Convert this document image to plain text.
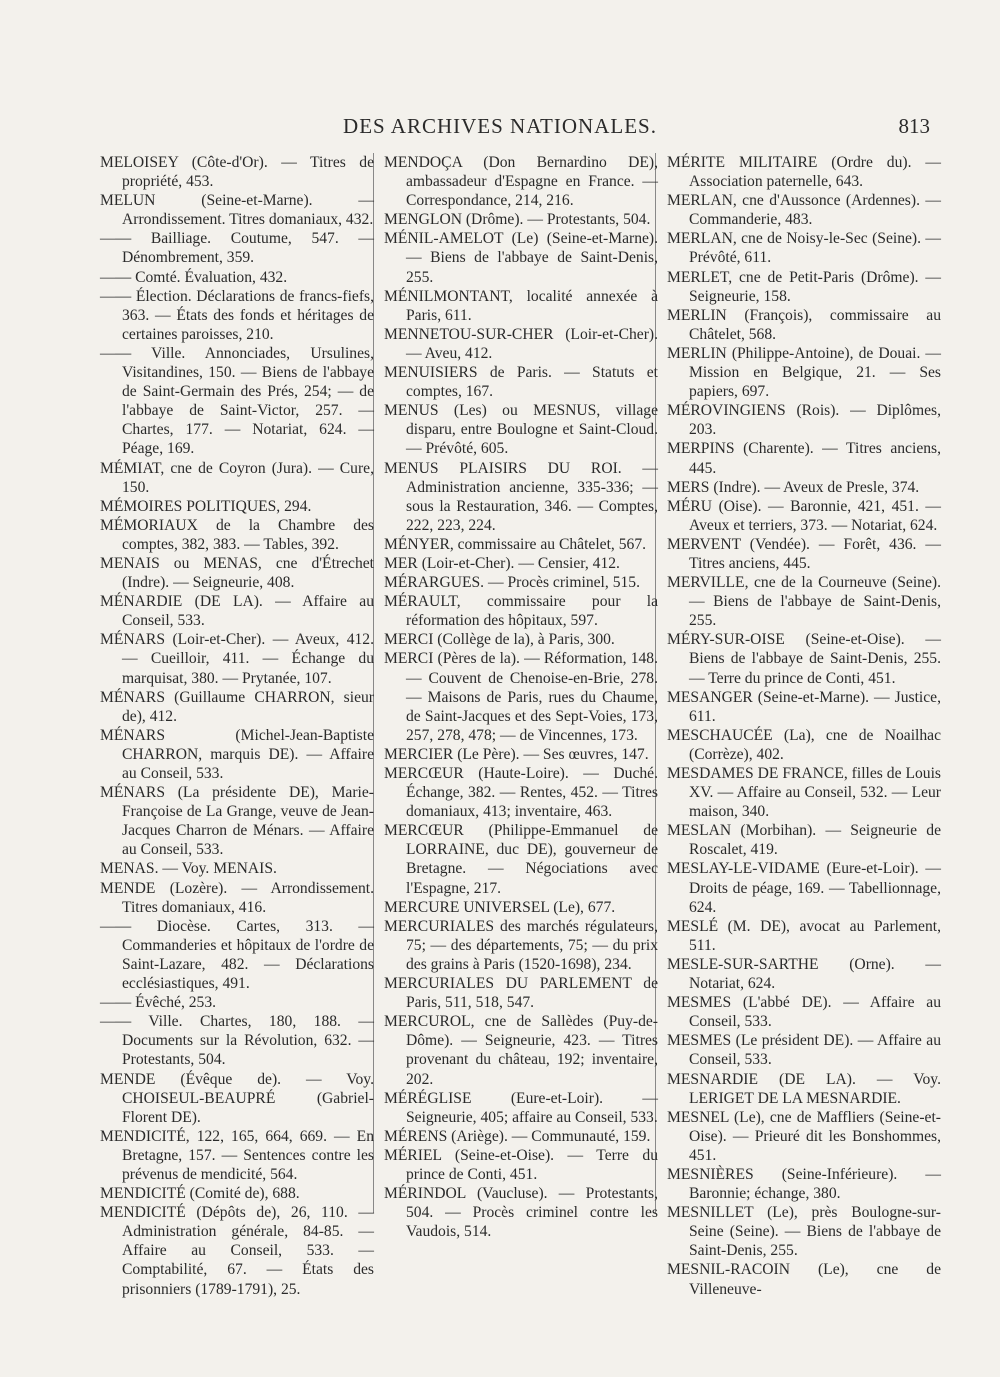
DES ARCHIVES NATIONALES.	813
MELOISEY (Côte-d'Or). — Titres de propriété, 453.
MELUN (Seine-et-Marne). — Arrondissement. Titres domaniaux, 432.
—— Bailliage. Coutume, 547. — Dénombrement, 359.
—— Comté. Évaluation, 432.
—— Élection. Déclarations de francs-fiefs, 363. — États des fonds et héritages de certaines paroisses, 210.
—— Ville. Annonciades, Ursulines, Visitandines, 150. — Biens de l'abbaye de Saint-Germain des Prés, 254; — de l'abbaye de Saint-Victor, 257. — Chartes, 177. — Notariat, 624. — Péage, 169.
MÉMIAT, cne de Coyron (Jura). — Cure, 150.
MÉMOIRES POLITIQUES, 294.
MÉMORIAUX de la Chambre des comptes, 382, 383. — Tables, 392.
MENAIS ou MENAS, cne d'Étrechet (Indre). — Seigneurie, 408.
MÉNARDIE (DE LA). — Affaire au Conseil, 533.
MÉNARS (Loir-et-Cher). — Aveux, 412. — Cueilloir, 411. — Échange du marquisat, 380. — Prytanée, 107.
MÉNARS (Guillaume CHARRON, sieur de), 412.
MÉNARS (Michel-Jean-Baptiste CHARRON, marquis DE). — Affaire au Conseil, 533.
MÉNARS (La présidente DE), Marie-Françoise de La Grange, veuve de Jean-Jacques Charron de Ménars. — Affaire au Conseil, 533.
MENAS. — Voy. MENAIS.
MENDE (Lozère). — Arrondissement. Titres domaniaux, 416.
—— Diocèse. Cartes, 313. — Commanderies et hôpitaux de l'ordre de Saint-Lazare, 482. — Déclarations ecclésiastiques, 491.
—— Évêché, 253.
—— Ville. Chartes, 180, 188. — Documents sur la Révolution, 632. — Protestants, 504.
MENDE (Évêque de). — Voy. CHOISEUL-BEAUPRÉ (Gabriel-Florent DE).
MENDICITÉ, 122, 165, 664, 669. — En Bretagne, 157. — Sentences contre les prévenus de mendicité, 564.
MENDICITÉ (Comité de), 688.
MENDICITÉ (Dépôts de), 26, 110. — Administration générale, 84-85. — Affaire au Conseil, 533. — Comptabilité, 67. — États des prisonniers (1789-1791), 25.
MENDOÇA (Don Bernardino DE), ambassadeur d'Espagne en France. — Correspondance, 214, 216.
MENGLON (Drôme). — Protestants, 504.
MÉNIL-AMELOT (Le) (Seine-et-Marne). — Biens de l'abbaye de Saint-Denis, 255.
MÉNILMONTANT, localité annexée à Paris, 611.
MENNETOU-SUR-CHER (Loir-et-Cher). — Aveu, 412.
MENUISIERS de Paris. — Statuts et comptes, 167.
MENUS (Les) ou MESNUS, village disparu, entre Boulogne et Saint-Cloud. — Prévôté, 605.
MENUS PLAISIRS DU ROI. — Administration ancienne, 335-336; — sous la Restauration, 346. — Comptes, 222, 223, 224.
MÉNYER, commissaire au Châtelet, 567.
MER (Loir-et-Cher). — Censier, 412.
MÉRARGUES. — Procès criminel, 515.
MÉRAULT, commissaire pour la réformation des hôpitaux, 597.
MERCI (Collège de la), à Paris, 300.
MERCI (Pères de la). — Réformation, 148. — Couvent de Chenoise-en-Brie, 278. — Maisons de Paris, rues du Chaume, de Saint-Jacques et des Sept-Voies, 173, 257, 278, 478; — de Vincennes, 173.
MERCIER (Le Père). — Ses œuvres, 147.
MERCŒUR (Haute-Loire). — Duché. Échange, 382. — Rentes, 452. — Titres domaniaux, 413; inventaire, 463.
MERCŒUR (Philippe-Emmanuel de LORRAINE, duc DE), gouverneur de Bretagne. — Négociations avec l'Espagne, 217.
MERCURE UNIVERSEL (Le), 677.
MERCURIALES des marchés régulateurs, 75; — des départements, 75; — du prix des grains à Paris (1520-1698), 234.
MERCURIALES DU PARLEMENT de Paris, 511, 518, 547.
MERCUROL, cne de Sallèdes (Puy-de-Dôme). — Seigneurie, 423. — Titres provenant du château, 192; inventaire, 202.
MÉRÉGLISE (Eure-et-Loir). — Seigneurie, 405; affaire au Conseil, 533.
MÉRENS (Ariège). — Communauté, 159.
MÉRIEL (Seine-et-Oise). — Terre du prince de Conti, 451.
MÉRINDOL (Vaucluse). — Protestants, 504. — Procès criminel contre les Vaudois, 514.
MÉRITE MILITAIRE (Ordre du). — Association paternelle, 643.
MERLAN, cne d'Aussonce (Ardennes). — Commanderie, 483.
MERLAN, cne de Noisy-le-Sec (Seine). — Prévôté, 611.
MERLET, cne de Petit-Paris (Drôme). — Seigneurie, 158.
MERLIN (François), commissaire au Châtelet, 568.
MERLIN (Philippe-Antoine), de Douai. — Mission en Belgique, 21. — Ses papiers, 697.
MÉROVINGIENS (Rois). — Diplômes, 203.
MERPINS (Charente). — Titres anciens, 445.
MERS (Indre). — Aveux de Presle, 374.
MÉRU (Oise). — Baronnie, 421, 451. — Aveux et terriers, 373. — Notariat, 624.
MERVENT (Vendée). — Forêt, 436. — Titres anciens, 445.
MERVILLE, cne de la Courneuve (Seine). — Biens de l'abbaye de Saint-Denis, 255.
MÉRY-SUR-OISE (Seine-et-Oise). — Biens de l'abbaye de Saint-Denis, 255. — Terre du prince de Conti, 451.
MESANGER (Seine-et-Marne). — Justice, 611.
MESCHAUCÉE (La), cne de Noailhac (Corrèze), 402.
MESDAMES DE FRANCE, filles de Louis XV. — Affaire au Conseil, 532. — Leur maison, 340.
MESLAN (Morbihan). — Seigneurie de Roscalet, 419.
MESLAY-LE-VIDAME (Eure-et-Loir). — Droits de péage, 169. — Tabellionnage, 624.
MESLÉ (M. DE), avocat au Parlement, 511.
MESLE-SUR-SARTHE (Orne). — Notariat, 624.
MESMES (L'abbé DE). — Affaire au Conseil, 533.
MESMES (Le président DE). — Affaire au Conseil, 533.
MESNARDIE (DE LA). — Voy. LERIGET DE LA MESNARDIE.
MESNEL (Le), cne de Maffliers (Seine-et-Oise). — Prieuré dit les Bonshommes, 451.
MESNIÈRES (Seine-Inférieure). — Baronnie; échange, 380.
MESNILLET (Le), près Boulogne-sur-Seine (Seine). — Biens de l'abbaye de Saint-Denis, 255.
MESNIL-RACOIN (Le), cne de Villeneuve-
